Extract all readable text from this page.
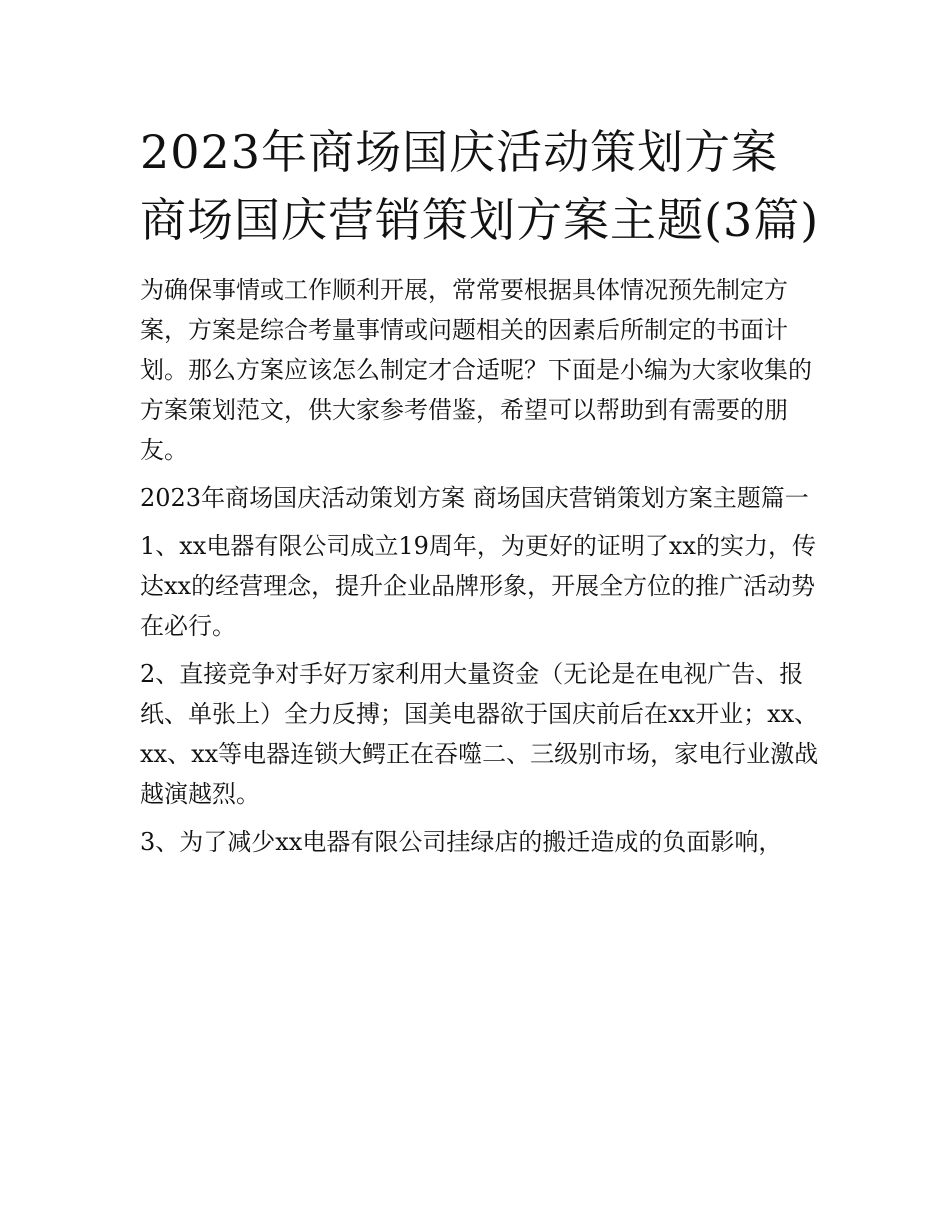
2023年商场国庆活动策划方案商场国庆营销策划方案主题(3篇)

为确保事情或工作顺利开展，常常要根据具体情况预先制定方案，方案是综合考量事情或问题相关的因素后所制定的书面计划。那么方案应该怎么制定才合适呢？下面是小编为大家收集的方案策划范文，供大家参考借鉴，希望可以帮助到有需要的朋友。

2023年商场国庆活动策划方案 商场国庆营销策划方案主题篇一

1、xx电器有限公司成立19周年，为更好的证明了xx的实力，传达xx的经营理念，提升企业品牌形象，开展全方位的推广活动势在必行。

2、直接竞争对手好万家利用大量资金（无论是在电视广告、报纸、单张上）全力反搏；国美电器欲于国庆前后在xx开业；xx、xx、xx等电器连锁大鳄正在吞噬二、三级别市场，家电行业激战越演越烈。

3、为了减少xx电器有限公司挂绿店的搬迁造成的负面影响，
